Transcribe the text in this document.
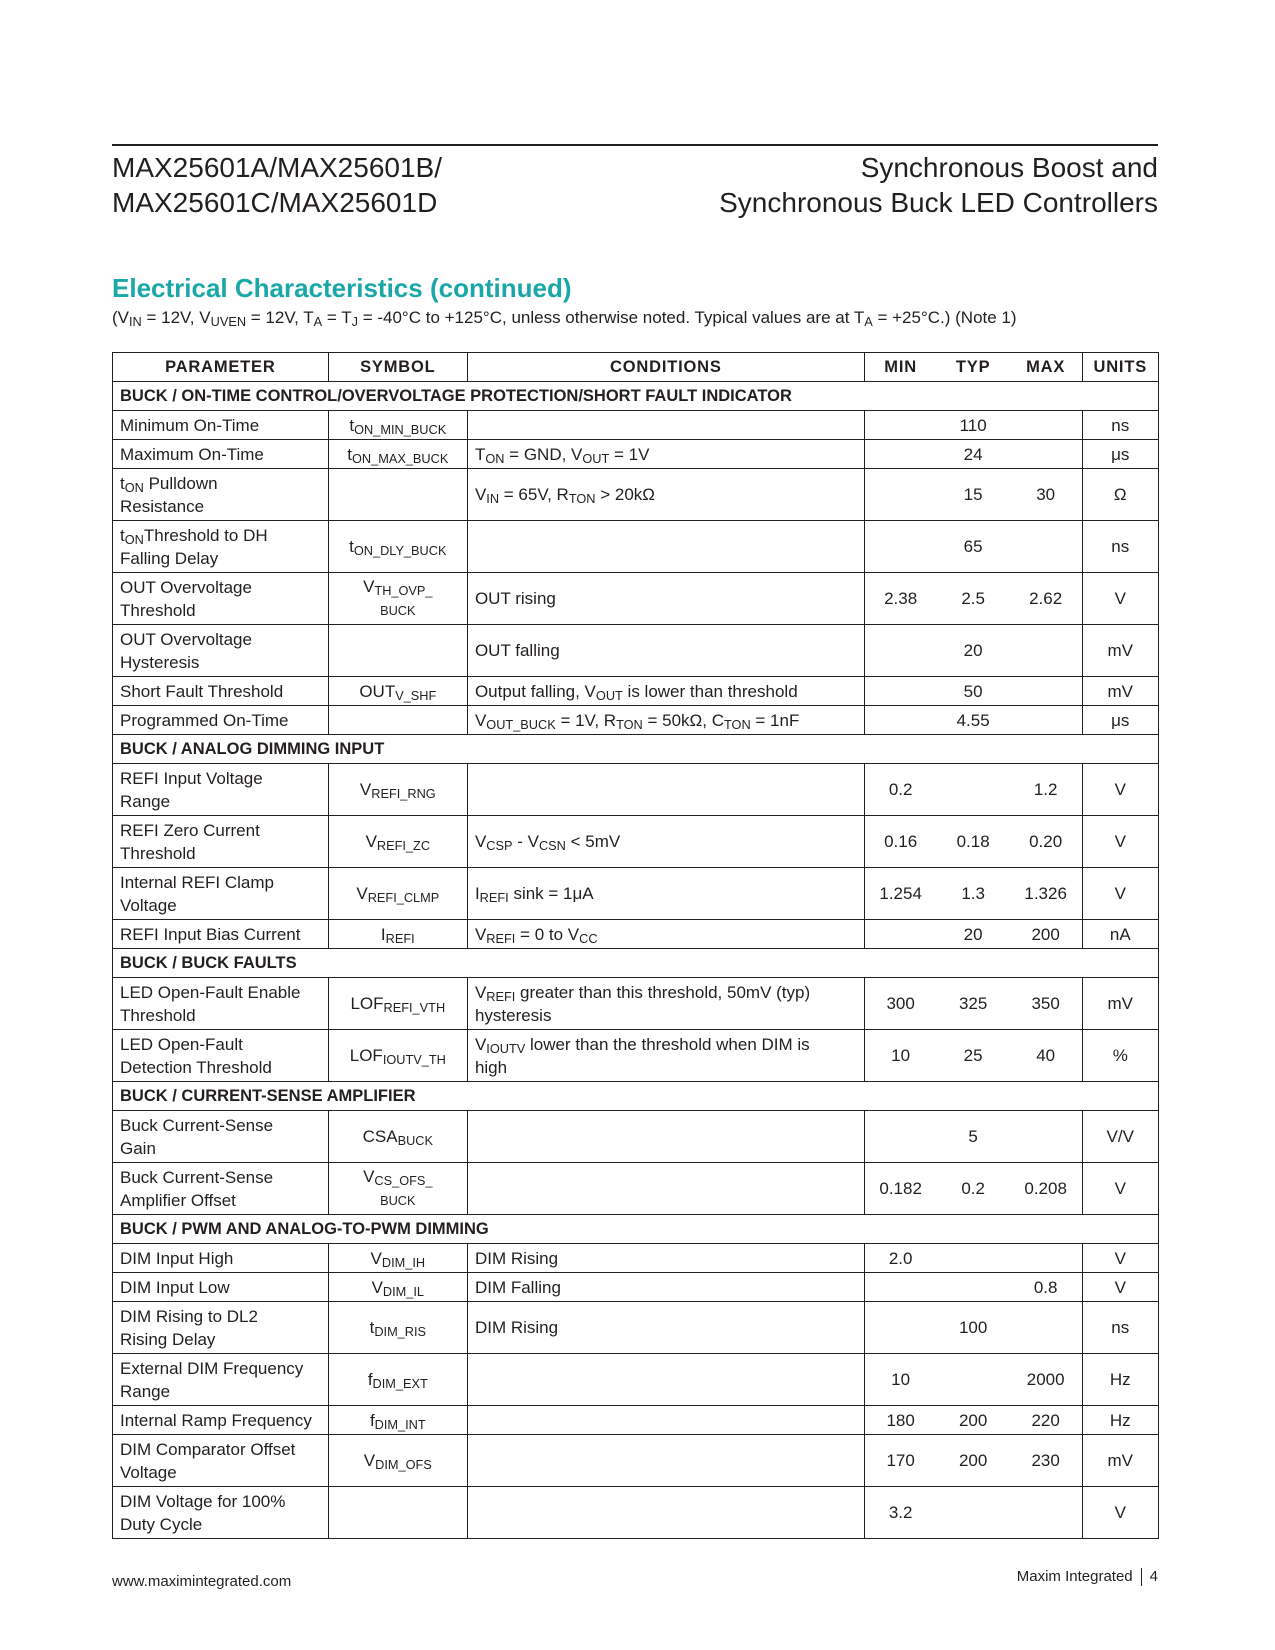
MAX25601A/MAX25601B/
MAX25601C/MAX25601D
Synchronous Boost and
Synchronous Buck LED Controllers
Electrical Characteristics (continued)
($V_{IN} = 12V$, $V_{UVEN} = 12V$, $T_A = T_J = -40^\circ C$ to +125°C, unless otherwise noted. Typical values are at $T_A = +25^\circ C$.) (Note 1)
PARAMETER	SYMBOL	CONDITIONS	MIN	TYP	MAX	UNITS
BUCK / ON-TIME CONTROL/OVERVOLTAGE PROTECTION/SHORT FAULT INDICATOR						
Minimum On-Time	$t_{ON\_MIN\_BUCK}$			110		ns
Maximum On-Time	$t_{ON\_MAX\_BUCK}$	$T_{ON}$ = GND, $V_{OUT} = 1V$		24		μs
$t_{ON}$ Pulldown
Resistance		$V_{IN} = 65V$, $R_{TON} > 20k\Omega$		15	30	Ω
$t_{ON}Threshold$ to DH
Falling Delay	$t_{ON\_DLY\_BUCK}$			65		ns
OUT Overvoltage
Threshold	$V_{TH\_OVP\_}$
BUCK	OUT rising	2.38	2.5	2.62	V
OUT Overvoltage
Hysteresis		OUT falling		20		mV
Short Fault Threshold	$OUT_{V\_SHF}$	Output falling, $V_{OUT}$ is lower than threshold		50		mV
Programmed On-Time		$V_{OUT\_BUCK} = 1V$, $R_{TON} = 50k\Omega$, $C_{TON} = 1nF$		4.55		μs
BUCK / ANALOG DIMMING INPUT						
REFI Input Voltage
Range	$V_{REFI\_RNG}$		0.2		1.2	V
REFI Zero Current
Threshold	$V_{REFI\_ZC}$	$V_{CSP} - V_{CSN} < 5mV$	0.16	0.18	0.20	V
Internal REFI Clamp
Voltage	$V_{REFI\_CLMP}$	$I_{REFI}$ sink = 1μA	1.254	1.3	1.326	V
REFI Input Bias Current	$I_{REFI}$	$V_{REFI} = 0$ to $V_{CC}$		20	200	nA
BUCK / BUCK FAULTS						
LED Open-Fault Enable
Threshold	$LOF_{REFI\_VTH}$	$V_{REFI}$ greater than this threshold, 50mV (typ)
hysteresis	300	325	350	mV
LED Open-Fault
Detection Threshold	$LOF_{IOUTV\_TH}$	$V_{IOUTV}$ lower than the threshold when DIM is
high	10	25	40	%
BUCK / CURRENT-SENSE AMPLIFIER						
Buck Current-Sense
Gain	$CSA_{BUCK}$			5		V/V
Buck Current-Sense
Amplifier Offset	$V_{CS\_OFS\_}$
BUCK		0.182	0.2	0.208	V
BUCK / PWM AND ANALOG-TO-PWM DIMMING						
DIM Input High	$V_{DIM\_IH}$	DIM Rising	2.0			V
DIM Input Low	$V_{DIM\_IL}$	DIM Falling			0.8	V
DIM Rising to DL2
Rising Delay	$t_{DIM\_RIS}$	DIM Rising		100		ns
External DIM Frequency
Range	$f_{DIM\_EXT}$		10		2000	Hz
Internal Ramp Frequency	$f_{DIM\_INT}$		180	200	220	Hz
DIM Comparator Offset
Voltage	$V_{DIM\_OFS}$		170	200	230	mV
DIM Voltage for 100%
Duty Cycle			3.2			V
www.maximintegrated.com	Maxim Integrated 4
